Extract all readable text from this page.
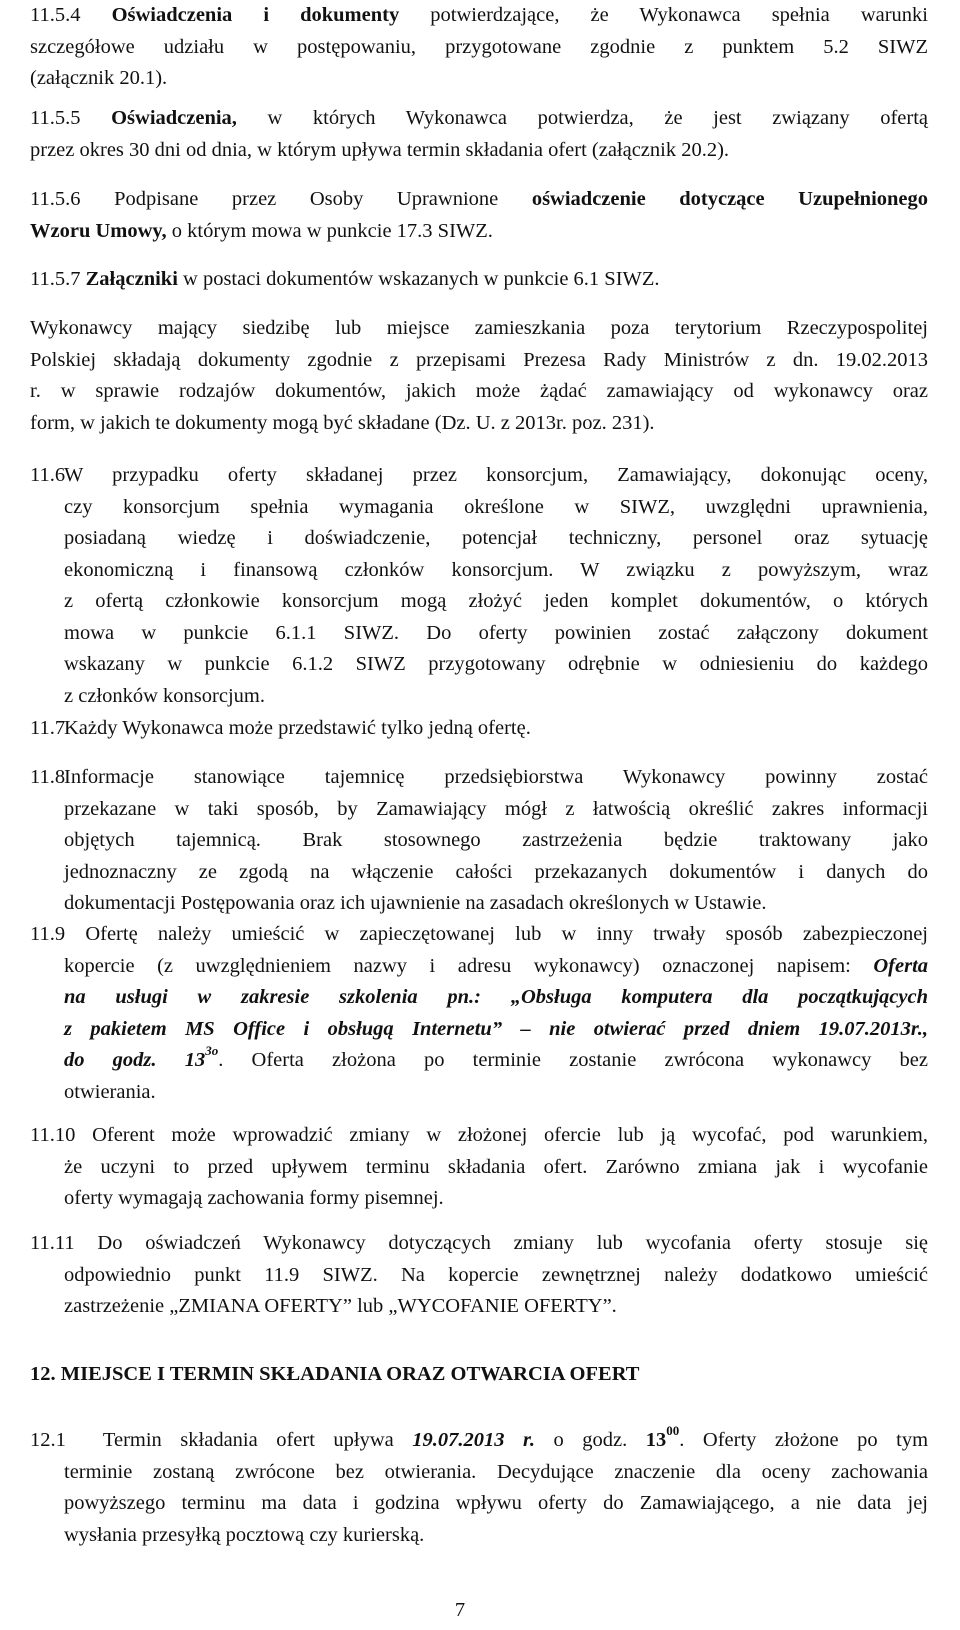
11.5.4 Oświadczenia i dokumenty potwierdzające, że Wykonawca spełnia warunki
szczegółowe udziału w postępowaniu, przygotowane zgodnie z punktem 5.2 SIWZ
(załącznik 20.1).
11.5.5 Oświadczenia, w których Wykonawca potwierdza, że jest związany ofertą
przez okres 30 dni od dnia, w którym upływa termin składania ofert (załącznik 20.2).
11.5.6 Podpisane przez Osoby Uprawnione oświadczenie dotyczące Uzupełnionego
Wzoru Umowy, o którym mowa w punkcie 17.3 SIWZ.
11.5.7 Załączniki w postaci dokumentów wskazanych w punkcie 6.1 SIWZ.
Wykonawcy mający siedzibę lub miejsce zamieszkania poza terytorium Rzeczypospolitej
Polskiej składają dokumenty zgodnie z przepisami Prezesa Rady Ministrów z dn. 19.02.2013
r. w sprawie rodzajów dokumentów, jakich może żądać zamawiający od wykonawcy oraz
form, w jakich te dokumenty mogą być składane (Dz. U. z 2013r. poz. 231).
11.6
W przypadku oferty składanej przez konsorcjum, Zamawiający, dokonując oceny,
czy konsorcjum spełnia wymagania określone w SIWZ, uwzględni uprawnienia,
posiadaną wiedzę i doświadczenie, potencjał techniczny, personel oraz sytuację
ekonomiczną i finansową członków konsorcjum. W związku z powyższym, wraz
z ofertą członkowie konsorcjum mogą złożyć jeden komplet dokumentów, o których
mowa w punkcie 6.1.1 SIWZ. Do oferty powinien zostać załączony dokument
wskazany w punkcie 6.1.2 SIWZ przygotowany odrębnie w odniesieniu do każdego
z członków konsorcjum.
11.7
Każdy Wykonawca może przedstawić tylko jedną ofertę.
11.8
Informacje stanowiące tajemnicę przedsiębiorstwa Wykonawcy powinny zostać
przekazane w taki sposób, by Zamawiający mógł z łatwością określić zakres informacji
objętych tajemnicą. Brak stosownego zastrzeżenia będzie traktowany jako
jednoznaczny ze zgodą na włączenie całości przekazanych dokumentów i danych do
dokumentacji Postępowania oraz ich ujawnienie na zasadach określonych w Ustawie.
11.9 Ofertę należy umieścić w zapieczętowanej lub w inny trwały sposób zabezpieczonej
kopercie (z uwzględnieniem nazwy i adresu wykonawcy) oznaczonej napisem: Oferta
na usługi w zakresie szkolenia pn.: „Obsługa komputera dla początkujących
z pakietem MS Office i obsługą Internetu” – nie otwierać przed dniem 19.07.2013r.,
do godz. $13^{3o}$. Oferta złożona po terminie zostanie zwrócona wykonawcy bez
otwierania.
11.10 Oferent może wprowadzić zmiany w złożonej ofercie lub ją wycofać, pod warunkiem,
że uczyni to przed upływem terminu składania ofert. Zarówno zmiana jak i wycofanie
oferty wymagają zachowania formy pisemnej.
11.11 Do oświadczeń Wykonawcy dotyczących zmiany lub wycofania oferty stosuje się
odpowiednio punkt 11.9 SIWZ. Na kopercie zewnętrznej należy dodatkowo umieścić
zastrzeżenie „ZMIANA OFERTY” lub „WYCOFANIE OFERTY”.
12. MIEJSCE I TERMIN SKŁADANIA ORAZ OTWARCIA OFERT
12.1 Termin składania ofert upływa 19.07.2013 r. o godz. $13^{00}$. Oferty złożone po tym
terminie zostaną zwrócone bez otwierania. Decydujące znaczenie dla oceny zachowania
powyższego terminu ma data i godzina wpływu oferty do Zamawiającego, a nie data jej
wysłania przesyłką pocztową czy kurierską.
7
